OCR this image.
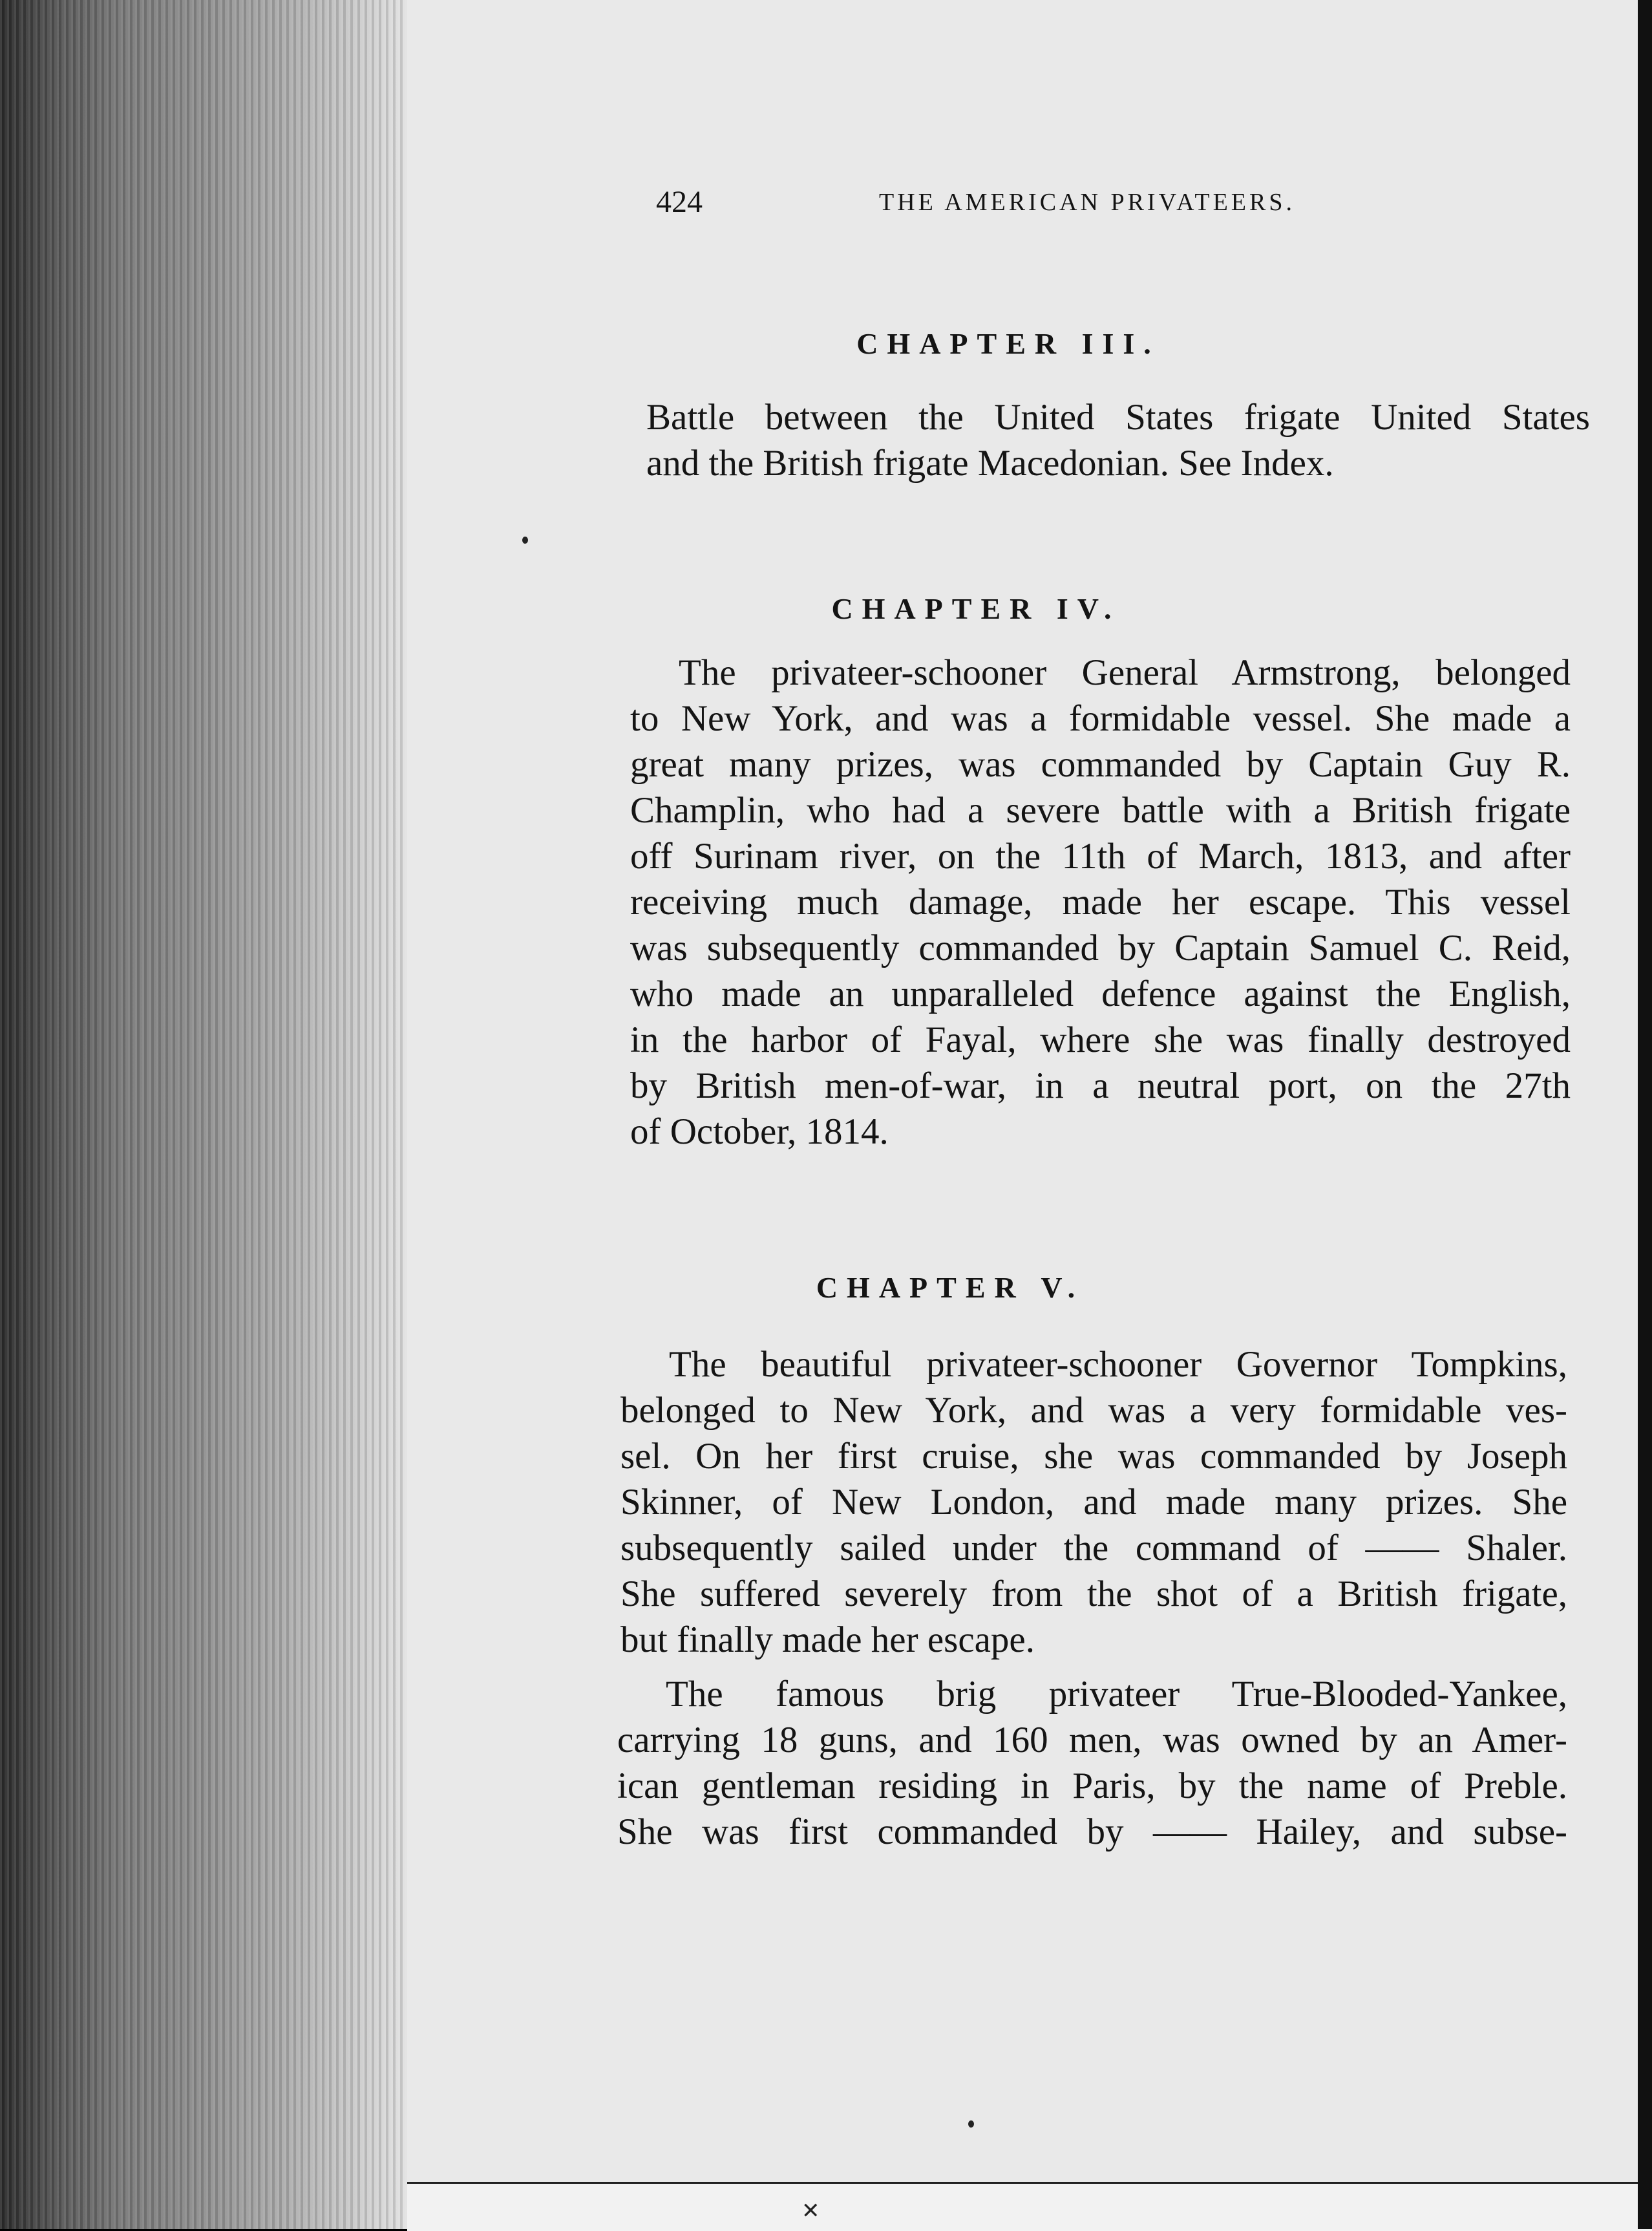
424	THE AMERICAN PRIVATEERS.
CHAPTER III.
Battle between the United States frigate United States
and the British frigate Macedonian. See Index.
CHAPTER IV.
The privateer-schooner General Armstrong, belonged
to New York, and was a formidable vessel. She made a
great many prizes, was commanded by Captain Guy R.
Champlin, who had a severe battle with a British frigate
off Surinam river, on the 11th of March, 1813, and after
receiving much damage, made her escape. This vessel
was subsequently commanded by Captain Samuel C. Reid,
who made an unparalleled defence against the English,
in the harbor of Fayal, where she was finally destroyed
by British men-of-war, in a neutral port, on the 27th
of October, 1814.
CHAPTER V.
The beautiful privateer-schooner Governor Tompkins,
belonged to New York, and was a very formidable ves-
sel. On her first cruise, she was commanded by Joseph
Skinner, of New London, and made many prizes. She
subsequently sailed under the command of —— Shaler.
She suffered severely from the shot of a British frigate,
but finally made her escape.
The famous brig privateer True-Blooded-Yankee,
carrying 18 guns, and 160 men, was owned by an Amer-
ican gentleman residing in Paris, by the name of Preble.
She was first commanded by —— Hailey, and subse-
✕
